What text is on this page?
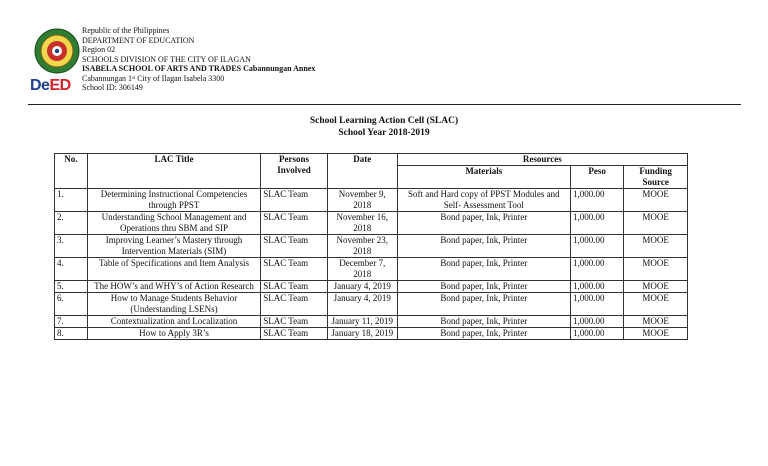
DeED
Republic of the Philippines
DEPARTMENT OF EDUCATION
Region 02
SCHOOLS DIVISION OF THE CITY OF ILAGAN
ISABELA SCHOOL OF ARTS AND TRADES Cabannungan Annex
Cabannungan 1ˢᵗ City of Ilagan Isabela 3300
School ID: 306149
School Learning Action Cell (SLAC)
School Year 2018-2019
No.	LAC Title	Persons Involved	Date	Resources		
				Materials	Peso	Funding Source
1.	Determining Instructional Competencies through PPST	SLAC Team	November 9, 2018	Soft and Hard copy of PPST Modules and Self- Assessment Tool	1,000.00	MOOE
2.	Understanding School Management and Operations thru SBM and SIP	SLAC Team	November 16, 2018	Bond paper, Ink, Printer	1,000.00	MOOE
3.	Improving Learner’s Mastery through Intervention Materials (SIM)	SLAC Team	November 23, 2018	Bond paper, Ink, Printer	1,000.00	MOOE
4.	Table of Specifications and Item Analysis	SLAC Team	December 7, 2018	Bond paper, Ink, Printer	1,000.00	MOOE
5.	The HOW’s and WHY’s of Action Research	SLAC Team	January 4, 2019	Bond paper, Ink, Printer	1,000.00	MOOE
6.	How to Manage Students Behavior (Understanding LSENs)	SLAC Team	January 4, 2019	Bond paper, Ink, Printer	1,000.00	MOOE
7.	Contextualization and Localization	SLAC Team	January 11, 2019	Bond paper, Ink, Printer	1,000.00	MOOE
8.	How to Apply 3R’s	SLAC Team	January 18, 2019	Bond paper, Ink, Printer	1,000.00	MOOE
